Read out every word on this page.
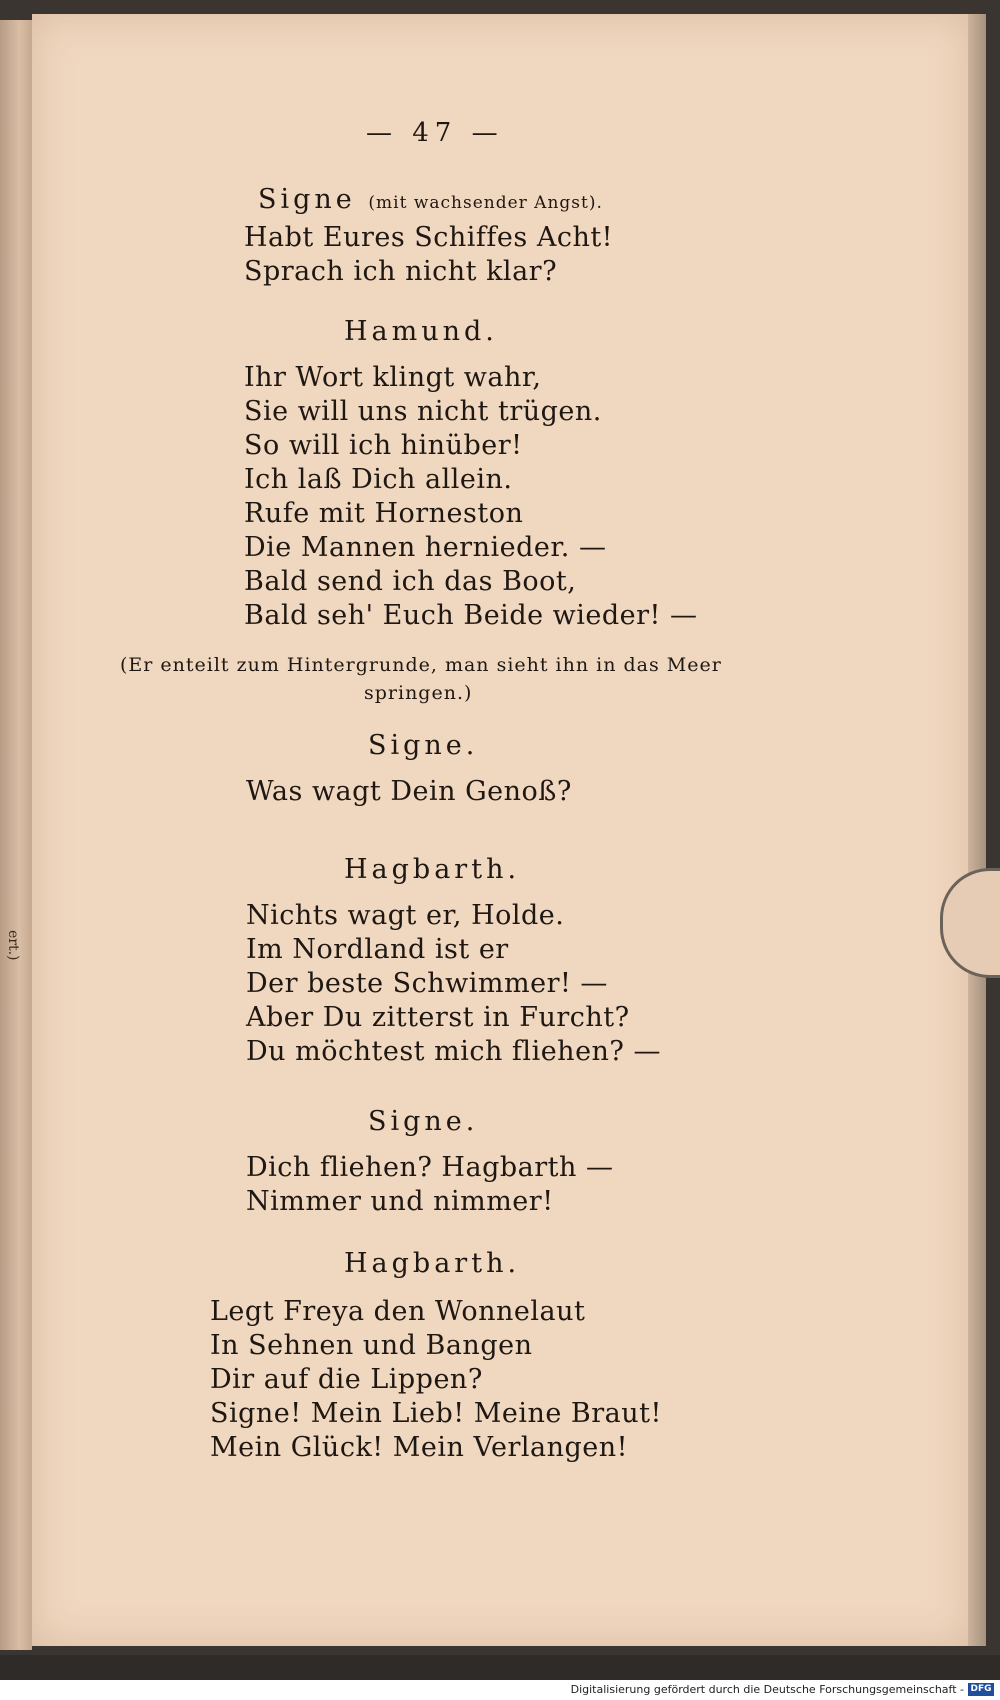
ert.)
— 47 —
Signe (mit wachsender Angst).
Habt Eures Schiffes Acht!
Sprach ich nicht klar?
Hamund.
Ihr Wort klingt wahr,
Sie will uns nicht trügen.
So will ich hinüber!
Ich laß Dich allein.
Rufe mit Horneston
Die Mannen hernieder. —
Bald send ich das Boot,
Bald seh' Euch Beide wieder! —
(Er enteilt zum Hintergrunde, man sieht ihn in das Meer
springen.)
Signe.
Was wagt Dein Genoß?
Hagbarth.
Nichts wagt er, Holde.
Im Nordland ist er
Der beste Schwimmer! —
Aber Du zitterst in Furcht?
Du möchtest mich fliehen? —
Signe.
Dich fliehen? Hagbarth —
Nimmer und nimmer!
Hagbarth.
Legt Freya den Wonnelaut
In Sehnen und Bangen
Dir auf die Lippen?
Signe! Mein Lieb! Meine Braut!
Mein Glück! Mein Verlangen!
Digitalisierung gefördert durch die Deutsche Forschungsgemeinschaft - DFG
